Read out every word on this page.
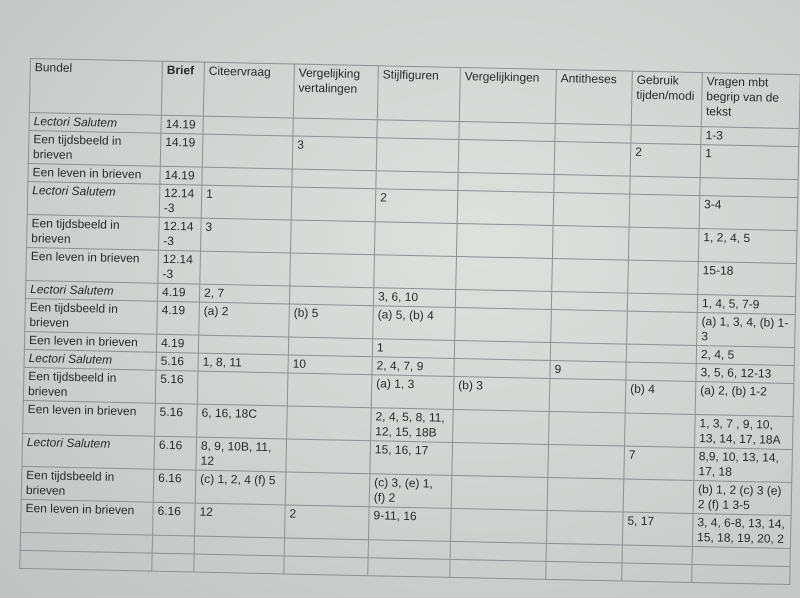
Bundel	Brief	Citeervraag	Vergelijking vertalingen	Stijlfiguren	Vergelijkingen	Antitheses	Gebruik tijden/modi	Vragen mbt begrip van de tekst
Lectori Salutem	14.19							1-3
Een tijdsbeeld in brieven	14.19		3				2	1
Een leven in brieven	14.19							
Lectori Salutem	12.14 -3	1		2				3-4
Een tijdsbeeld in brieven	12.14 -3	3						1, 2, 4, 5
Een leven in brieven	12.14 -3							15-18
Lectori Salutem	4.19	2, 7		3, 6, 10				1, 4, 5, 7-9
Een tijdsbeeld in brieven	4.19	(a) 2	(b) 5	(a) 5, (b) 4				(a) 1, 3, 4, (b) 1-3
Een leven in brieven	4.19			1				2, 4, 5
Lectori Salutem	5.16	1, 8, 11	10	2, 4, 7, 9		9		3, 5, 6, 12-13
Een tijdsbeeld in brieven	5.16			(a) 1, 3	(b) 3		(b) 4	(a) 2, (b) 1-2
Een leven in brieven	5.16	6, 16, 18C		2, 4, 5, 8, 11, 12, 15, 18B				1, 3, 7 , 9, 10, 13, 14, 17, 18A
Lectori Salutem	6.16	8, 9, 10B, 11, 12		15, 16, 17			7	8,9, 10, 13, 14, 17, 18
Een tijdsbeeld in brieven	6.16	(c) 1, 2, 4 (f) 5		(c) 3, (e) 1, (f) 2				(b) 1, 2 (c) 3 (e) 2 (f) 1 3-5
Een leven in brieven	6.16	12	2	9-11, 16			5, 17	3, 4, 6-8, 13, 14, 15, 18, 19, 20, 2
